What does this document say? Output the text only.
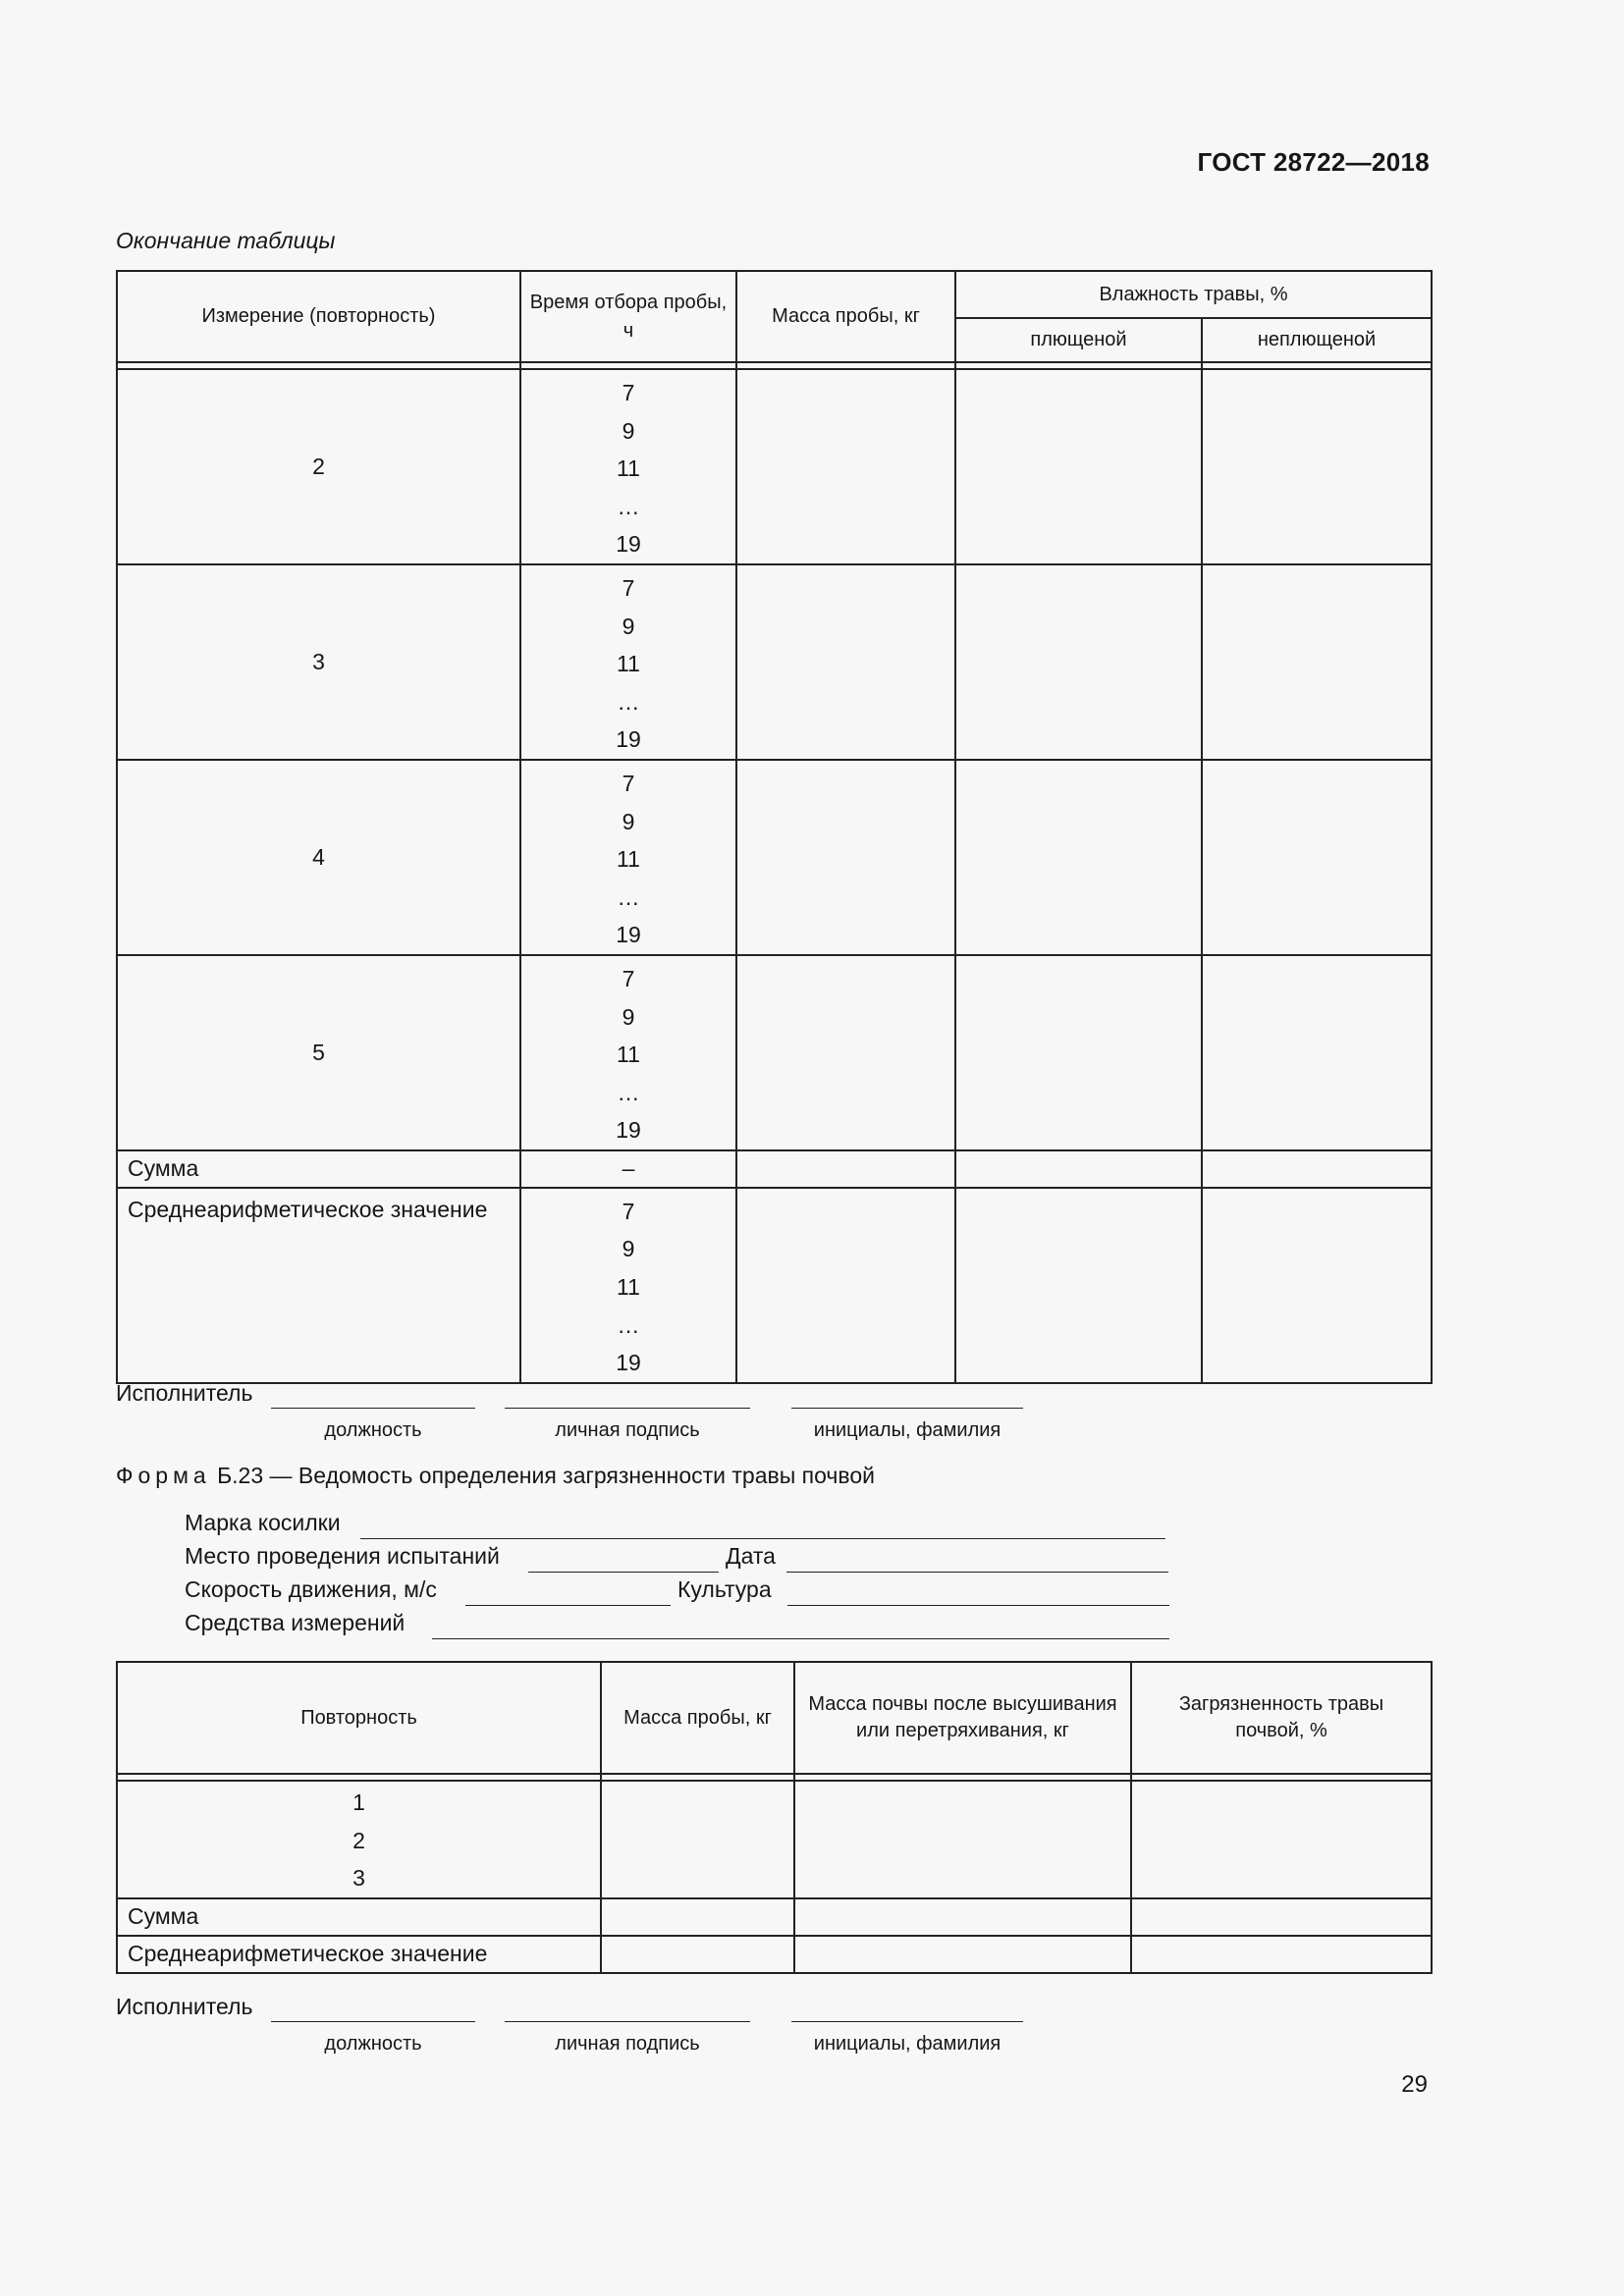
ГОСТ 28722—2018
Окончание таблицы
Измерение (повторность)	Время отбора пробы, ч	Масса пробы, кг	Влажность травы, %	
			плющеной	неплющеной

2	7
9
11
…
19			

3	7
9
11
…
19			

4	7
9
11
…
19			

5	7
9
11
…
19			

Сумма	–			
Среднеарифметическое значение	7
9
11
…
19			

Исполнитель
должность	личная подпись	инициалы, фамилия
Форма Б.23 — Ведомость определения загрязненности травы почвой
Марка косилки
Место проведения испытаний	Дата
Скорость движения, м/с	Культура
Средства измерений
Повторность	Масса пробы, кг	Масса почвы после высушивания или перетряхивания, кг	Загрязненность травы почвой, %

1
2
3			

Сумма			
Среднеарифметическое значение			
Исполнитель
должность	личная подпись	инициалы, фамилия
29
